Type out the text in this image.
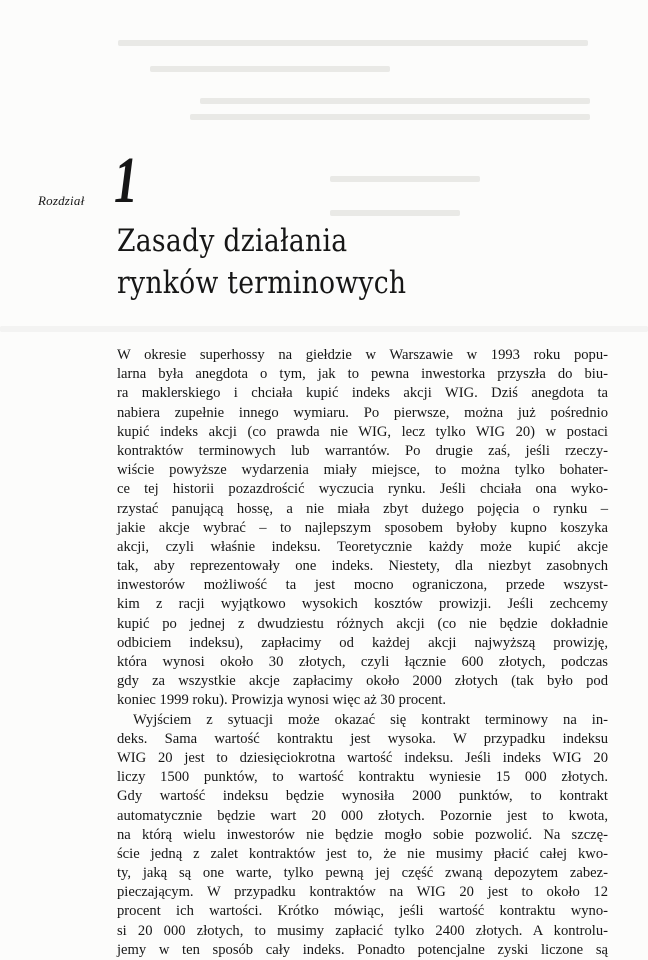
Rozdział 1
Zasady działania
rynków terminowych
W okresie superhossy na giełdzie w Warszawie w 1993 roku popu-
larna była anegdota o tym, jak to pewna inwestorka przyszła do biu-
ra maklerskiego i chciała kupić indeks akcji WIG. Dziś anegdota ta
nabiera zupełnie innego wymiaru. Po pierwsze, można już pośrednio
kupić indeks akcji (co prawda nie WIG, lecz tylko WIG 20) w postaci
kontraktów terminowych lub warrantów. Po drugie zaś, jeśli rzeczy-
wiście powyższe wydarzenia miały miejsce, to można tylko bohater-
ce tej historii pozazdrościć wyczucia rynku. Jeśli chciała ona wyko-
rzystać panującą hossę, a nie miała zbyt dużego pojęcia o rynku –
jakie akcje wybrać – to najlepszym sposobem byłoby kupno koszyka
akcji, czyli właśnie indeksu. Teoretycznie każdy może kupić akcje
tak, aby reprezentowały one indeks. Niestety, dla niezbyt zasobnych
inwestorów możliwość ta jest mocno ograniczona, przede wszyst-
kim z racji wyjątkowo wysokich kosztów prowizji. Jeśli zechcemy
kupić po jednej z dwudziestu różnych akcji (co nie będzie dokładnie
odbiciem indeksu), zapłacimy od każdej akcji najwyższą prowizję,
która wynosi około 30 złotych, czyli łącznie 600 złotych, podczas
gdy za wszystkie akcje zapłacimy około 2000 złotych (tak było pod
koniec 1999 roku). Prowizja wynosi więc aż 30 procent.
Wyjściem z sytuacji może okazać się kontrakt terminowy na in-
deks. Sama wartość kontraktu jest wysoka. W przypadku indeksu
WIG 20 jest to dziesięciokrotna wartość indeksu. Jeśli indeks WIG 20
liczy 1500 punktów, to wartość kontraktu wyniesie 15 000 złotych.
Gdy wartość indeksu będzie wynosiła 2000 punktów, to kontrakt
automatycznie będzie wart 20 000 złotych. Pozornie jest to kwota,
na którą wielu inwestorów nie będzie mogło sobie pozwolić. Na szczę-
ście jedną z zalet kontraktów jest to, że nie musimy płacić całej kwo-
ty, jaką są one warte, tylko pewną jej część zwaną depozytem zabez-
pieczającym. W przypadku kontraktów na WIG 20 jest to około 12
procent ich wartości. Krótko mówiąc, jeśli wartość kontraktu wyno-
si 20 000 złotych, to musimy zapłacić tylko 2400 złotych. A kontrolu-
jemy w ten sposób cały indeks. Ponadto potencjalne zyski liczone są
